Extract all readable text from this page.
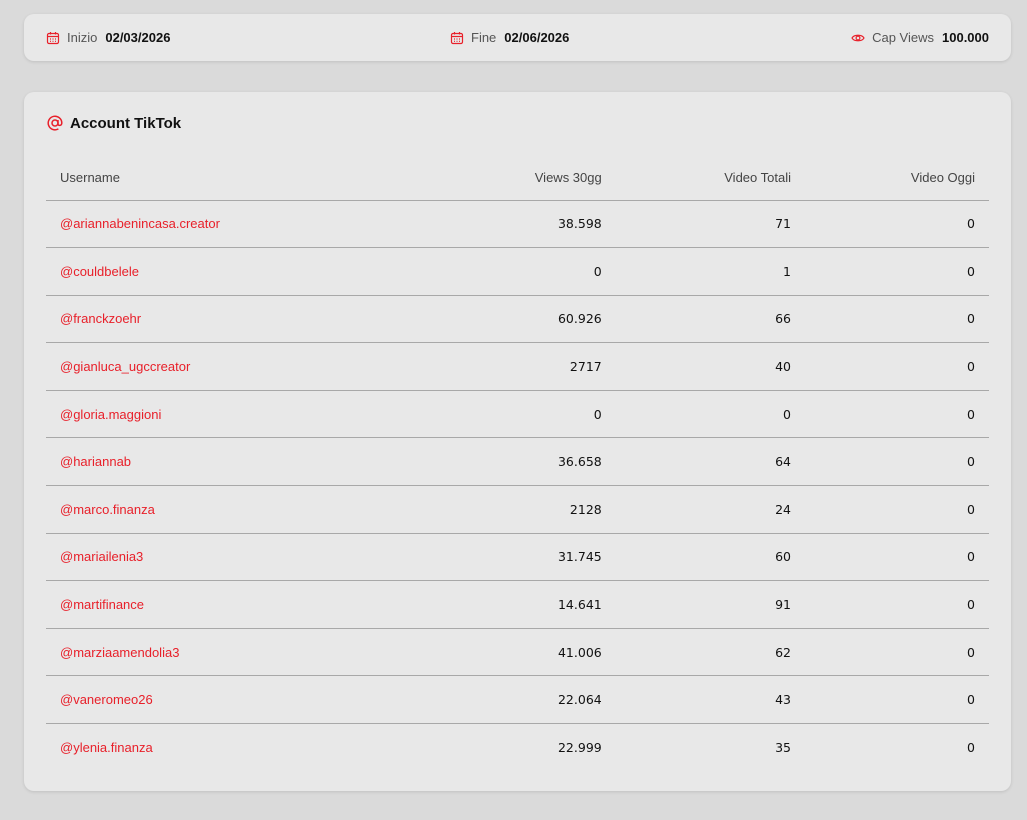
Inizio 02/03/2026	Fine 02/06/2026	Cap Views 100.000
Account TikTok
Username	Views 30gg	Video Totali	Video Oggi
@ariannabenincasa.creator	38.598	71	0
@couldbelele	0	1	0
@franckzoehr	60.926	66	0
@gianluca_ugccreator	2717	40	0
@gloria.maggioni	0	0	0
@hariannab	36.658	64	0
@marco.finanza	2128	24	0
@mariailenia3	31.745	60	0
@martifinance	14.641	91	0
@marziaamendolia3	41.006	62	0
@vaneromeo26	22.064	43	0
@ylenia.finanza	22.999	35	0
